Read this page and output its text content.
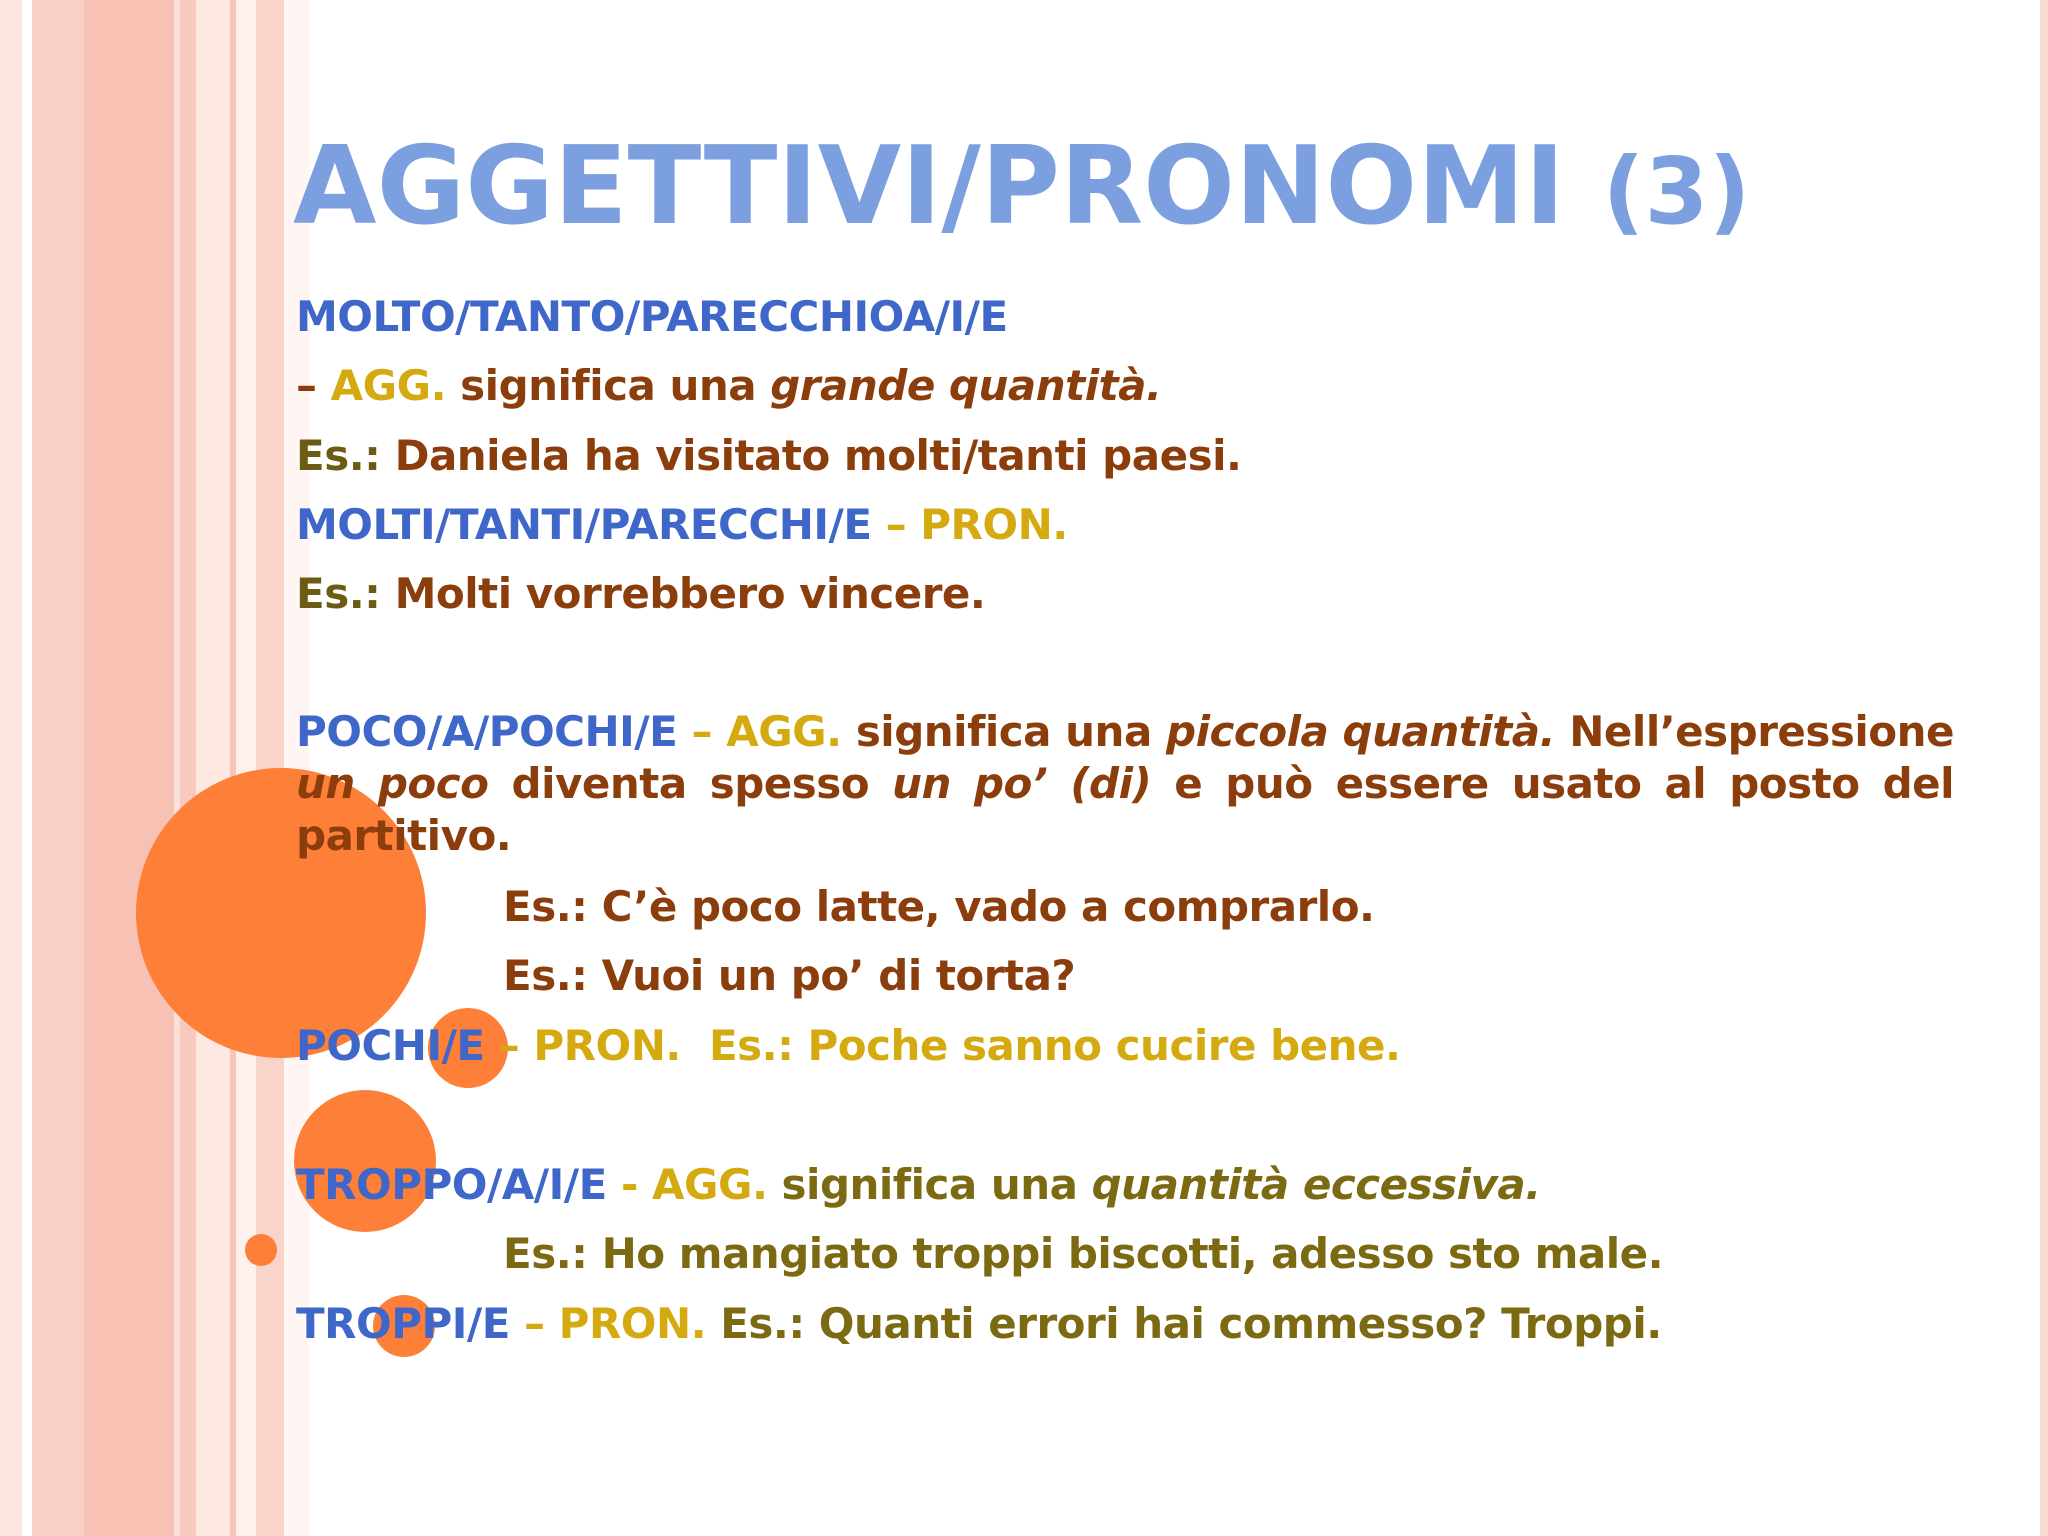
AGGETTIVI/PRONOMI (3)
MOLTO/TANTO/PARECCHIOA/I/E
– AGG. significa una grande quantità.
Es.: Daniela ha visitato molti/tanti paesi.
MOLTI/TANTI/PARECCHI/E – PRON.
Es.: Molti vorrebbero vincere.
POCO/A/POCHI/E – AGG. significa una piccola quantità. Nell’espressione un poco diventa spesso un po’ (di) e può essere usato al posto del partitivo.
Es.: C’è poco latte, vado a comprarlo.
Es.: Vuoi un po’ di torta?
POCHI/E – PRON. Es.: Poche sanno cucire bene.
TROPPO/A/I/E - AGG. significa una quantità eccessiva.
Es.: Ho mangiato troppi biscotti, adesso sto male.
TROPPI/E – PRON. Es.: Quanti errori hai commesso? Troppi.
